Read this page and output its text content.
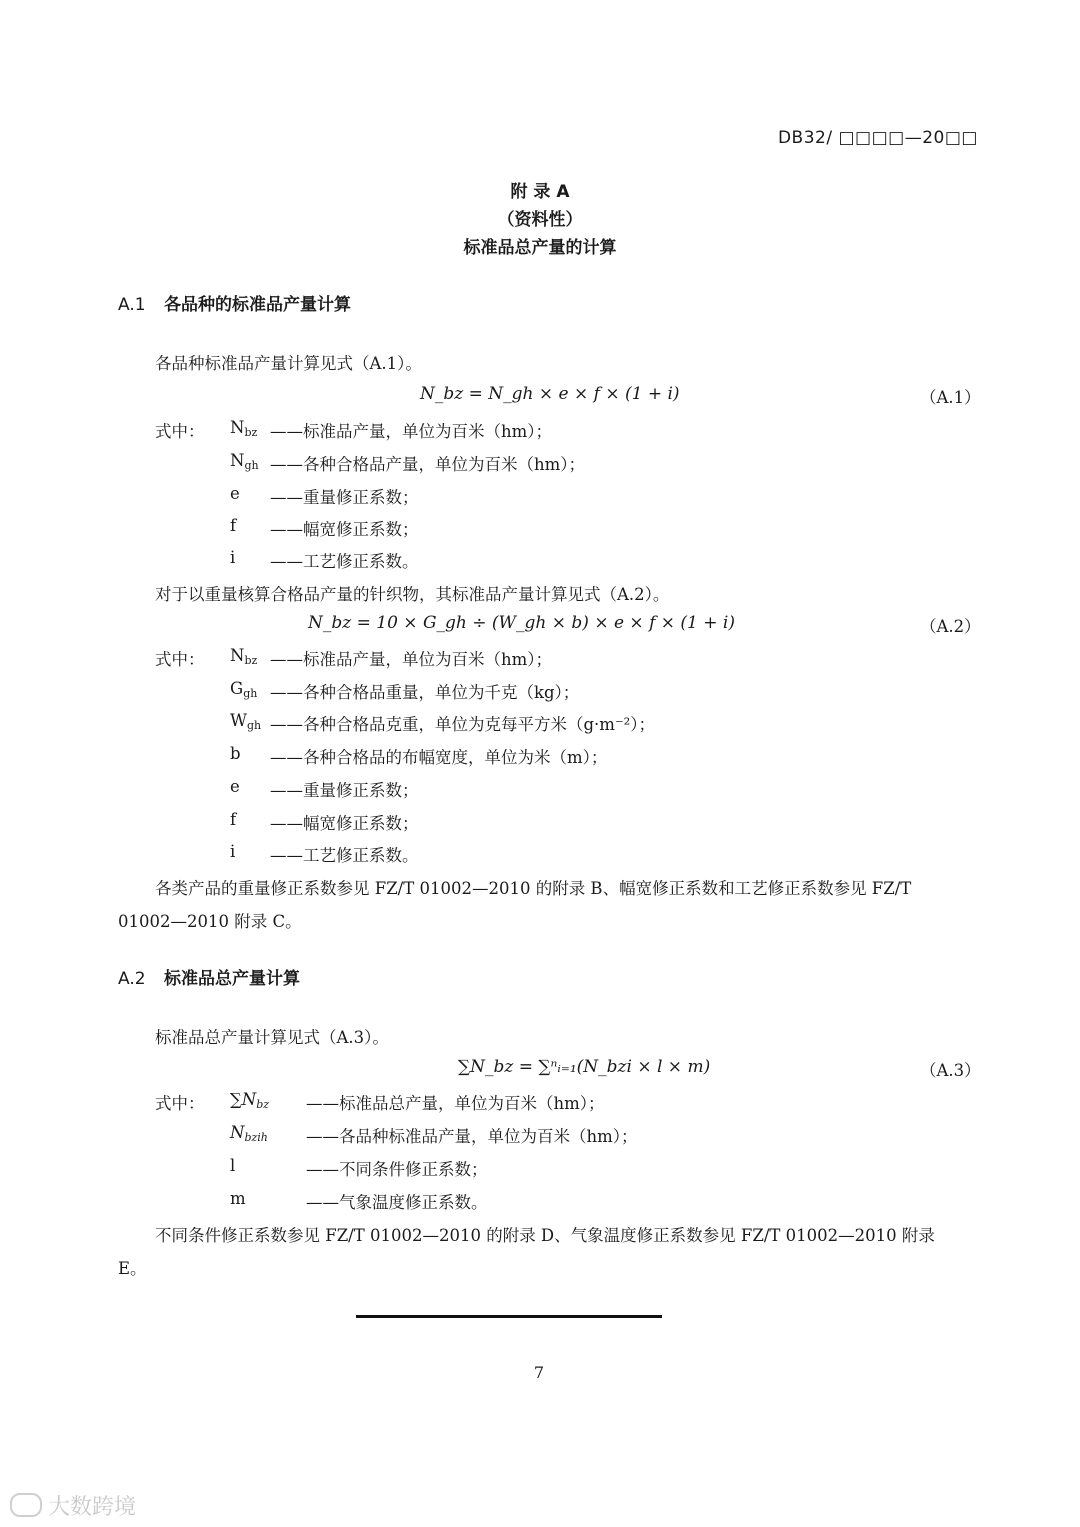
DB32/ □□□□—20□□
附 录 A
（资料性）
标准品总产量的计算
A.1 各品种的标准品产量计算
各品种标准品产量计算见式（A.1）。
N_bz = N_gh × e × f × (1 + i)	（A.1）
式中： $N_{bz}$ ——标准品产量，单位为百米（hm）；
$N_{gh}$ ——各种合格品产量，单位为百米（hm）；
e ——重量修正系数；
f ——幅宽修正系数；
i ——工艺修正系数。
对于以重量核算合格品产量的针织物，其标准品产量计算见式（A.2）。
N_bz = 10 × G_gh ÷ (W_gh × b) × e × f × (1 + i)	（A.2）
式中： $N_{bz}$ ——标准品产量，单位为百米（hm）；
$G_{gh}$ ——各种合格品重量，单位为千克（kg）；
$W_{gh}$ ——各种合格品克重，单位为克每平方米（g·m⁻²）；
b ——各种合格品的布幅宽度，单位为米（m）；
e ——重量修正系数；
f ——幅宽修正系数；
i ——工艺修正系数。
各类产品的重量修正系数参见 FZ/T 01002—2010 的附录 B、幅宽修正系数和工艺修正系数参见 FZ/T
01002—2010 附录 C。
A.2 标准品总产量计算
标准品总产量计算见式（A.3）。
∑N_bz = ∑ⁿᵢ₌₁(N_bzi × l × m)	（A.3）
式中： $\sum N_{bz}$ ——标准品总产量，单位为百米（hm）；
$N_{bzih}$ ——各品种标准品产量，单位为百米（hm）；
l	——不同条件修正系数；
m	——气象温度修正系数。
不同条件修正系数参见 FZ/T 01002—2010 的附录 D、气象温度修正系数参见 FZ/T 01002—2010 附录
E。
7
大数跨境
